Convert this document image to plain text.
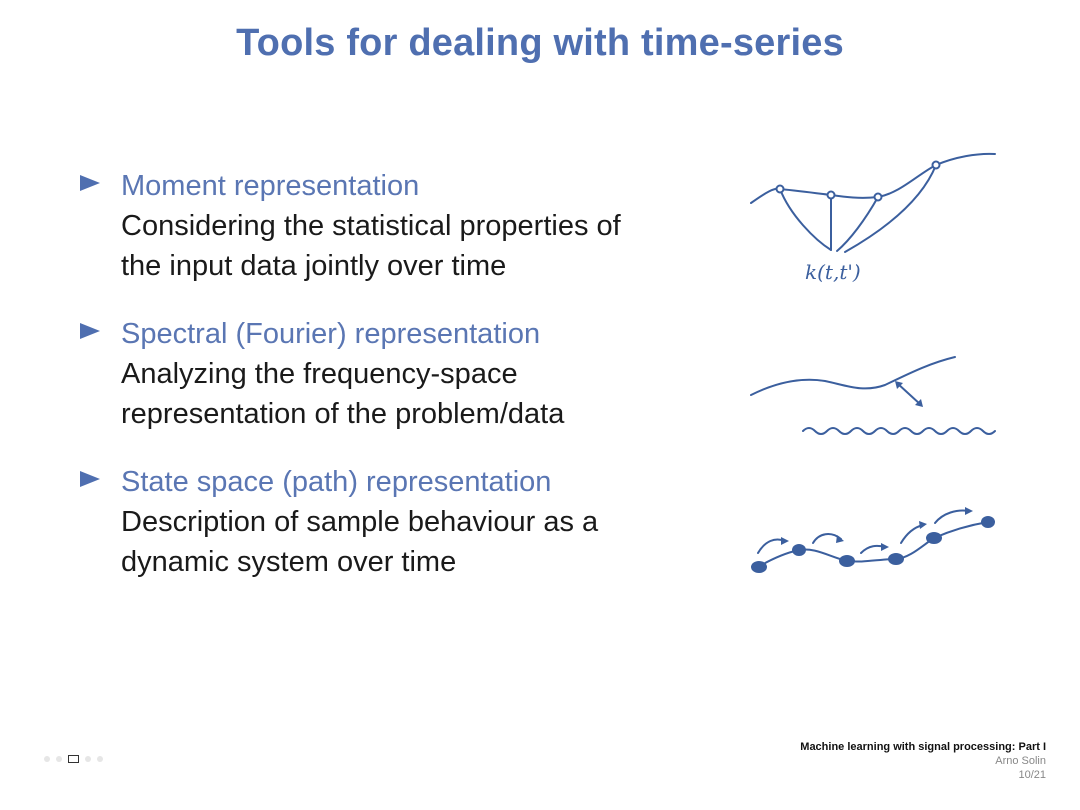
Tools for dealing with time-series
Moment representation
Considering the statistical properties of
the input data jointly over time
Spectral (Fourier) representation
Analyzing the frequency-space
representation of the problem/data
State space (path) representation
Description of sample behaviour as a
dynamic system over time
k(t,t')
Machine learning with signal processing: Part I
Arno Solin
10/21
